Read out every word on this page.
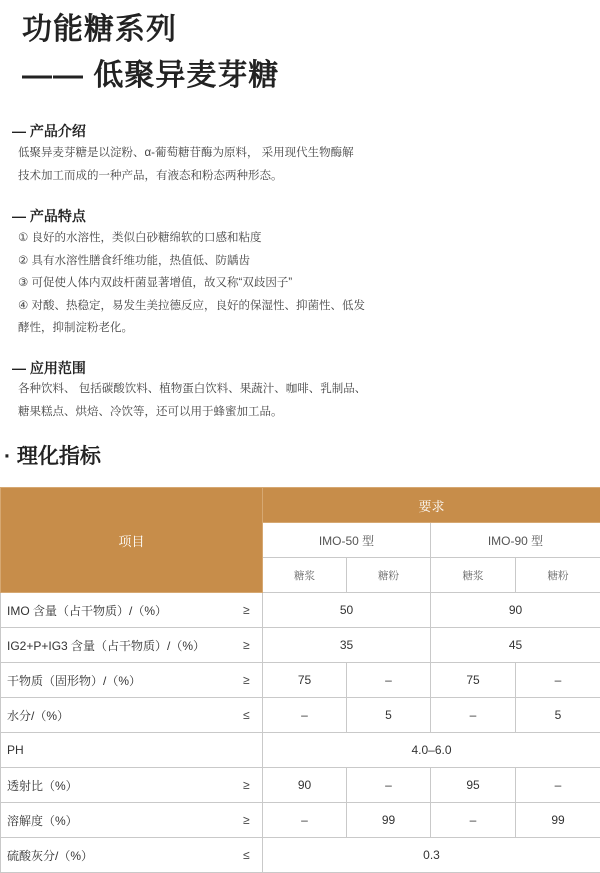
功能糖系列
—— 低聚异麦芽糖
— 产品介绍
低聚异麦芽糖是以淀粉、α-葡萄糖苷酶为原料， 采用现代生物酶解
技术加工而成的一种产品，有液态和粉态两种形态。
— 产品特点
① 良好的水溶性，类似白砂糖绵软的口感和粘度
② 具有水溶性膳食纤维功能，热值低、防龋齿
③ 可促使人体内双歧杆菌显著增值，故又称“双歧因子”
④ 对酸、热稳定，易发生美拉德反应，良好的保湿性、抑菌性、低发
酵性，抑制淀粉老化。
— 应用范围
各种饮料、 包括碳酸饮料、植物蛋白饮料、果蔬汁、咖啡、乳制品、
糖果糕点、烘焙、冷饮等，还可以用于蜂蜜加工品。
· 理化指标
项目		要求			
		IMO-50 型		IMO-90 型	
		糖浆	糖粉	糖浆	糖粉
IMO 含量（占干物质）/（%）	≥	50		90	
IG2+P+IG3 含量（占干物质）/（%）	≥	35		45	
干物质（固形物）/（%）	≥	75	–	75	–
水分/（%）	≤	–	5	–	5
PH		4.0–6.0			
透射比（%）	≥	90	–	95	–
溶解度（%）	≥	–	99	–	99
硫酸灰分/（%）	≤	0.3			
